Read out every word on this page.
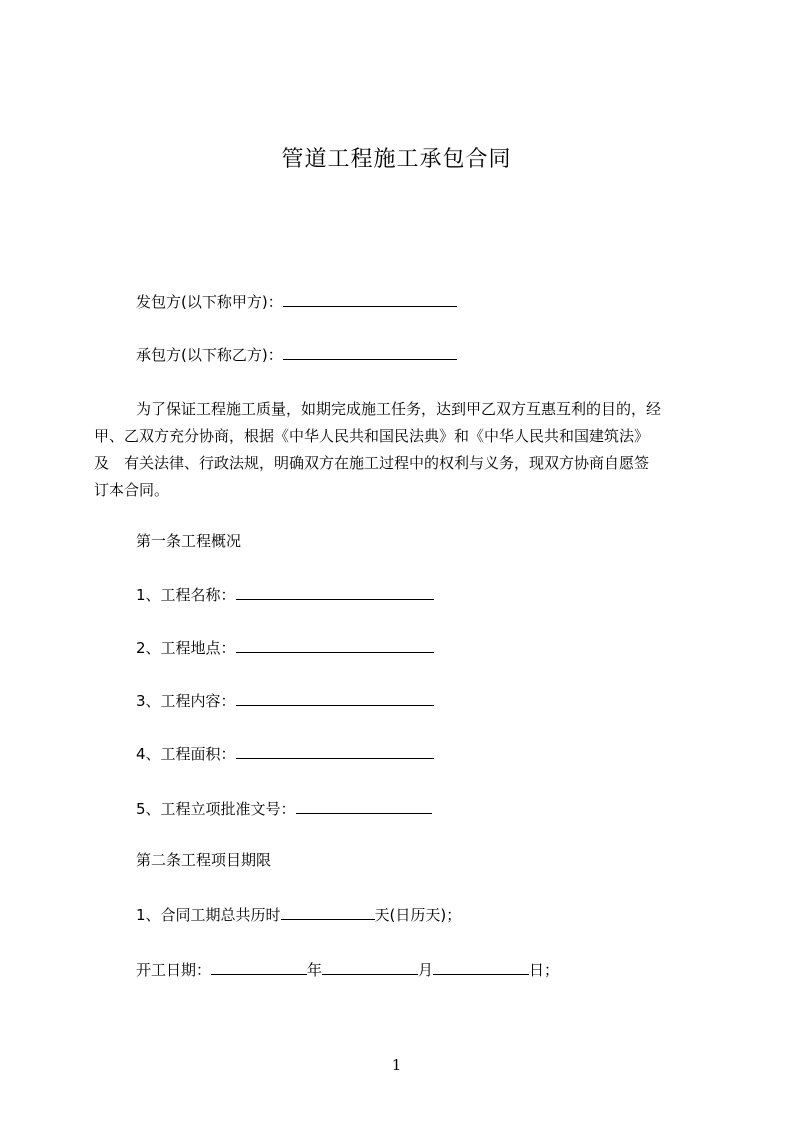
管道工程施工承包合同
发包方(以下称甲方)：
承包方(以下称乙方)：
为了保证工程施工质量，如期完成施工任务，达到甲乙双方互惠互利的目的，经
甲、乙双方充分协商，根据《中华人民共和国民法典》和《中华人民共和国建筑法》
及　有关法律、行政法规，明确双方在施工过程中的权利与义务，现双方协商自愿签
订本合同。
第一条工程概况
1、工程名称：
2、工程地点：
3、工程内容：
4、工程面积：
5、工程立项批准文号：
第二条工程项目期限
1、合同工期总共历时	天(日历天)；
开工日期：	年	月	日；
1
